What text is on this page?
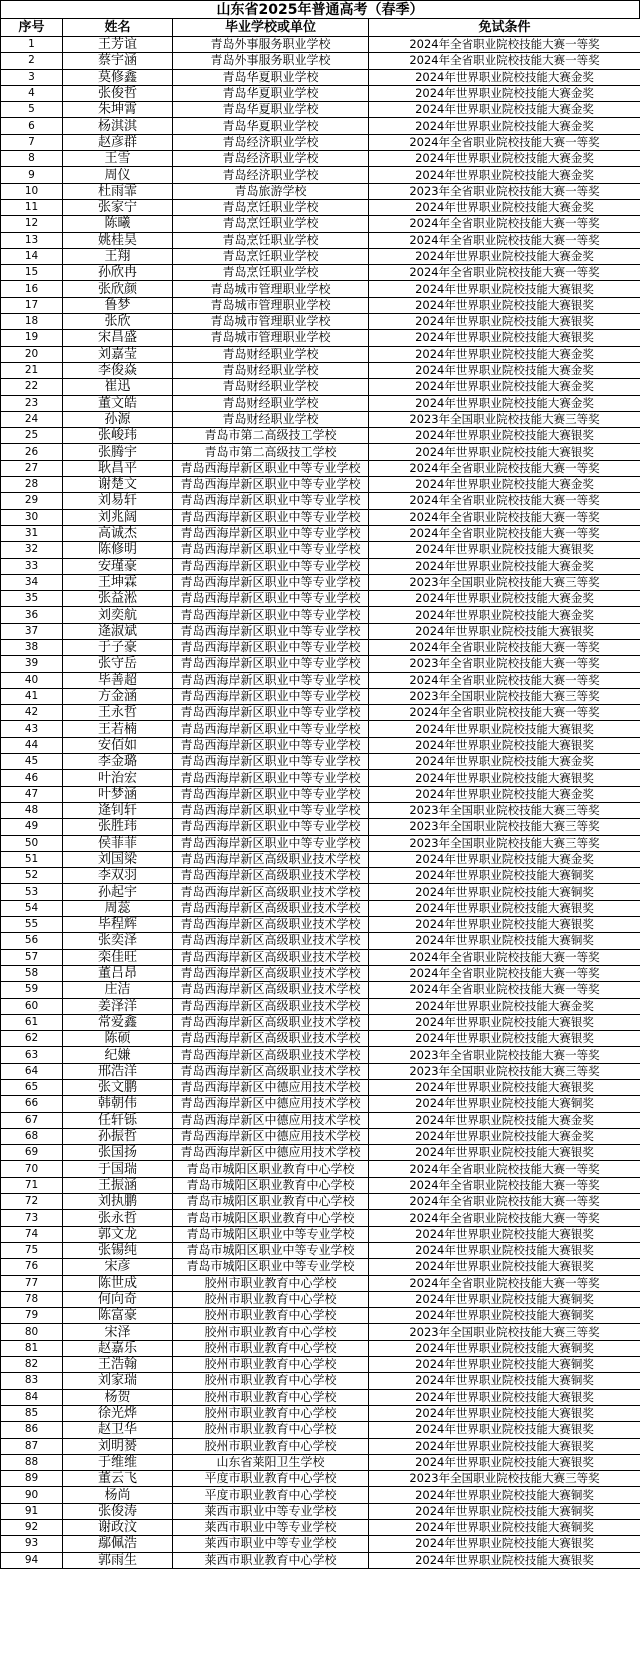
山东省2025年普通高考（春季）
序号	姓名	毕业学校或单位	免试条件
1	王芳谊	青岛外事服务职业学校	2024年全省职业院校技能大赛一等奖
2	蔡宇涵	青岛外事服务职业学校	2024年全省职业院校技能大赛一等奖
3	莫修鑫	青岛华夏职业学校	2024年世界职业院校技能大赛金奖
4	张俊哲	青岛华夏职业学校	2024年世界职业院校技能大赛金奖
5	朱坤霄	青岛华夏职业学校	2024年世界职业院校技能大赛金奖
6	杨淇淇	青岛华夏职业学校	2024年世界职业院校技能大赛金奖
7	赵彦群	青岛经济职业学校	2024年全省职业院校技能大赛一等奖
8	王雪	青岛经济职业学校	2024年世界职业院校技能大赛金奖
9	周仪	青岛经济职业学校	2024年世界职业院校技能大赛金奖
10	杜雨霏	青岛旅游学校	2023年全省职业院校技能大赛一等奖
11	张家宁	青岛烹饪职业学校	2024年世界职业院校技能大赛金奖
12	陈曦	青岛烹饪职业学校	2024年全省职业院校技能大赛一等奖
13	姚桂昊	青岛烹饪职业学校	2024年全省职业院校技能大赛一等奖
14	王翔	青岛烹饪职业学校	2024年世界职业院校技能大赛金奖
15	孙欣冉	青岛烹饪职业学校	2024年全省职业院校技能大赛一等奖
16	张欣颜	青岛城市管理职业学校	2024年世界职业院校技能大赛银奖
17	鲁梦	青岛城市管理职业学校	2024年世界职业院校技能大赛银奖
18	张欣	青岛城市管理职业学校	2024年世界职业院校技能大赛银奖
19	宋昌盛	青岛城市管理职业学校	2024年世界职业院校技能大赛银奖
20	刘嘉莹	青岛财经职业学校	2024年世界职业院校技能大赛金奖
21	李俊焱	青岛财经职业学校	2024年世界职业院校技能大赛金奖
22	崔迅	青岛财经职业学校	2024年世界职业院校技能大赛金奖
23	董文皓	青岛财经职业学校	2024年世界职业院校技能大赛金奖
24	孙源	青岛财经职业学校	2023年全国职业院校技能大赛三等奖
25	张峻玮	青岛市第二高级技工学校	2024年世界职业院校技能大赛银奖
26	张腾宇	青岛市第二高级技工学校	2024年世界职业院校技能大赛银奖
27	耿昌平	青岛西海岸新区职业中等专业学校	2024年全省职业院校技能大赛一等奖
28	谢楚文	青岛西海岸新区职业中等专业学校	2024年世界职业院校技能大赛金奖
29	刘易轩	青岛西海岸新区职业中等专业学校	2024年全省职业院校技能大赛一等奖
30	刘兆阔	青岛西海岸新区职业中等专业学校	2024年全省职业院校技能大赛一等奖
31	高诚杰	青岛西海岸新区职业中等专业学校	2024年全省职业院校技能大赛一等奖
32	陈修明	青岛西海岸新区职业中等专业学校	2024年世界职业院校技能大赛银奖
33	安瑾豪	青岛西海岸新区职业中等专业学校	2024年世界职业院校技能大赛金奖
34	王坤霖	青岛西海岸新区职业中等专业学校	2023年全国职业院校技能大赛三等奖
35	张益淞	青岛西海岸新区职业中等专业学校	2024年世界职业院校技能大赛金奖
36	刘奕航	青岛西海岸新区职业中等专业学校	2024年世界职业院校技能大赛金奖
37	逄淑斌	青岛西海岸新区职业中等专业学校	2024年世界职业院校技能大赛银奖
38	于子豪	青岛西海岸新区职业中等专业学校	2024年全省职业院校技能大赛一等奖
39	张守岳	青岛西海岸新区职业中等专业学校	2023年全省职业院校技能大赛一等奖
40	毕善超	青岛西海岸新区职业中等专业学校	2024年全省职业院校技能大赛一等奖
41	方金涵	青岛西海岸新区职业中等专业学校	2023年全国职业院校技能大赛三等奖
42	王永哲	青岛西海岸新区职业中等专业学校	2024年全省职业院校技能大赛一等奖
43	王若楠	青岛西海岸新区职业中等专业学校	2024年世界职业院校技能大赛银奖
44	安佰如	青岛西海岸新区职业中等专业学校	2024年世界职业院校技能大赛银奖
45	李金璐	青岛西海岸新区职业中等专业学校	2024年世界职业院校技能大赛金奖
46	叶治宏	青岛西海岸新区职业中等专业学校	2024年世界职业院校技能大赛银奖
47	叶梦涵	青岛西海岸新区职业中等专业学校	2024年世界职业院校技能大赛金奖
48	逄钊轩	青岛西海岸新区职业中等专业学校	2023年全国职业院校技能大赛三等奖
49	张胜玮	青岛西海岸新区职业中等专业学校	2023年全国职业院校技能大赛三等奖
50	侯菲菲	青岛西海岸新区职业中等专业学校	2023年全国职业院校技能大赛三等奖
51	刘国梁	青岛西海岸新区高级职业技术学校	2024年世界职业院校技能大赛金奖
52	李双羽	青岛西海岸新区高级职业技术学校	2024年世界职业院校技能大赛铜奖
53	孙起宇	青岛西海岸新区高级职业技术学校	2024年世界职业院校技能大赛铜奖
54	周蕊	青岛西海岸新区高级职业技术学校	2024年世界职业院校技能大赛银奖
55	毕程辉	青岛西海岸新区高级职业技术学校	2024年世界职业院校技能大赛银奖
56	张奕泽	青岛西海岸新区高级职业技术学校	2024年世界职业院校技能大赛铜奖
57	栾佳旺	青岛西海岸新区高级职业技术学校	2024年全省职业院校技能大赛一等奖
58	董吕昂	青岛西海岸新区高级职业技术学校	2024年全省职业院校技能大赛一等奖
59	庄洁	青岛西海岸新区高级职业技术学校	2024年全省职业院校技能大赛一等奖
60	姜泽洋	青岛西海岸新区高级职业技术学校	2024年世界职业院校技能大赛金奖
61	常爱鑫	青岛西海岸新区高级职业技术学校	2024年世界职业院校技能大赛银奖
62	陈硕	青岛西海岸新区高级职业技术学校	2024年世界职业院校技能大赛银奖
63	纪嫌	青岛西海岸新区高级职业技术学校	2023年全省职业院校技能大赛一等奖
64	邢浩洋	青岛西海岸新区高级职业技术学校	2023年全国职业院校技能大赛三等奖
65	张文鹏	青岛西海岸新区中德应用技术学校	2024年世界职业院校技能大赛银奖
66	韩朝伟	青岛西海岸新区中德应用技术学校	2024年世界职业院校技能大赛铜奖
67	任轩铄	青岛西海岸新区中德应用技术学校	2024年世界职业院校技能大赛金奖
68	孙振哲	青岛西海岸新区中德应用技术学校	2024年世界职业院校技能大赛金奖
69	张国扬	青岛西海岸新区中德应用技术学校	2024年世界职业院校技能大赛银奖
70	于国瑞	青岛市城阳区职业教育中心学校	2024年全省职业院校技能大赛一等奖
71	王振涵	青岛市城阳区职业教育中心学校	2024年全省职业院校技能大赛一等奖
72	刘执鹏	青岛市城阳区职业教育中心学校	2024年全省职业院校技能大赛一等奖
73	张永哲	青岛市城阳区职业教育中心学校	2024年全省职业院校技能大赛一等奖
74	郭文龙	青岛市城阳区职业中等专业学校	2024年世界职业院校技能大赛银奖
75	张锡纯	青岛市城阳区职业中等专业学校	2024年世界职业院校技能大赛银奖
76	宋彦	青岛市城阳区职业中等专业学校	2024年世界职业院校技能大赛银奖
77	陈世成	胶州市职业教育中心学校	2024年全省职业院校技能大赛一等奖
78	何向奇	胶州市职业教育中心学校	2024年世界职业院校技能大赛铜奖
79	陈富豪	胶州市职业教育中心学校	2024年世界职业院校技能大赛铜奖
80	宋泽	胶州市职业教育中心学校	2023年全国职业院校技能大赛三等奖
81	赵嘉乐	胶州市职业教育中心学校	2024年世界职业院校技能大赛铜奖
82	王浩翰	胶州市职业教育中心学校	2024年世界职业院校技能大赛铜奖
83	刘家瑞	胶州市职业教育中心学校	2024年世界职业院校技能大赛铜奖
84	杨贺	胶州市职业教育中心学校	2024年世界职业院校技能大赛银奖
85	徐光烨	胶州市职业教育中心学校	2024年世界职业院校技能大赛银奖
86	赵卫华	胶州市职业教育中心学校	2024年世界职业院校技能大赛银奖
87	刘明赟	胶州市职业教育中心学校	2024年世界职业院校技能大赛银奖
88	于维维	山东省莱阳卫生学校	2024年世界职业院校技能大赛银奖
89	董云飞	平度市职业教育中心学校	2023年全国职业院校技能大赛三等奖
90	杨尚	平度市职业教育中心学校	2024年世界职业院校技能大赛铜奖
91	张俊涛	莱西市职业中等专业学校	2024年世界职业院校技能大赛铜奖
92	谢政汶	莱西市职业中等专业学校	2024年世界职业院校技能大赛铜奖
93	鄢佩浩	莱西市职业中等专业学校	2024年世界职业院校技能大赛银奖
94	郭雨生	莱西市职业教育中心学校	2024年世界职业院校技能大赛银奖
